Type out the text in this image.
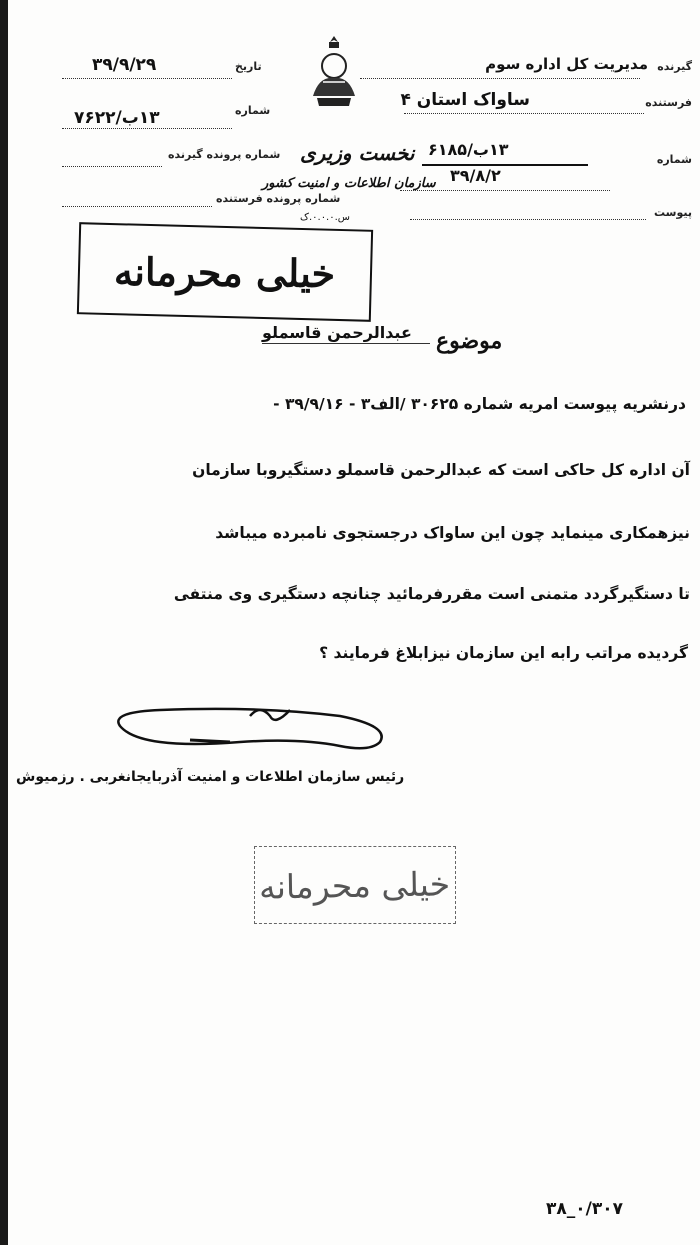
نخست وزیری
سازمان اطلاعات و امنیت کشور
س.۰.۰.۰.ک
گیرنده
مدیریت کل اداره سوم
فرستنده
ساواک استان ۴
شماره
۱۳ب/۶۱۸۵
۳۹/۸/۲
پیوست
تاریخ
۳۹/۹/۲۹
شماره
۱۳ب/۷۶۲۲
شماره پرونده گیرنده
شماره پرونده فرستنده
خیلی محرمانه
موضوع
عبدالرحمن قاسملو
درنشریه پیوست امریه شماره ۳۰۶۲۵ /الف۳ - ۳۹/۹/۱۶ -
آن اداره کل حاکی است که عبدالرحمن قاسملو دستگیروبا سازمان
نیزهمکاری مینماید چون این ساواک درجستجوی نامبرده میباشد
تا دستگیرگردد متمنی است مقررفرمائید چنانچه دستگیری وی منتفی
گردیده مراتب رابه این سازمان نیزابلاغ فرمایند ؟
رئیس سازمان اطلاعات و امنیت آذربایجانغربی . رزمیوش
خیلی محرمانه
۰/۳۰۷_۳۸
